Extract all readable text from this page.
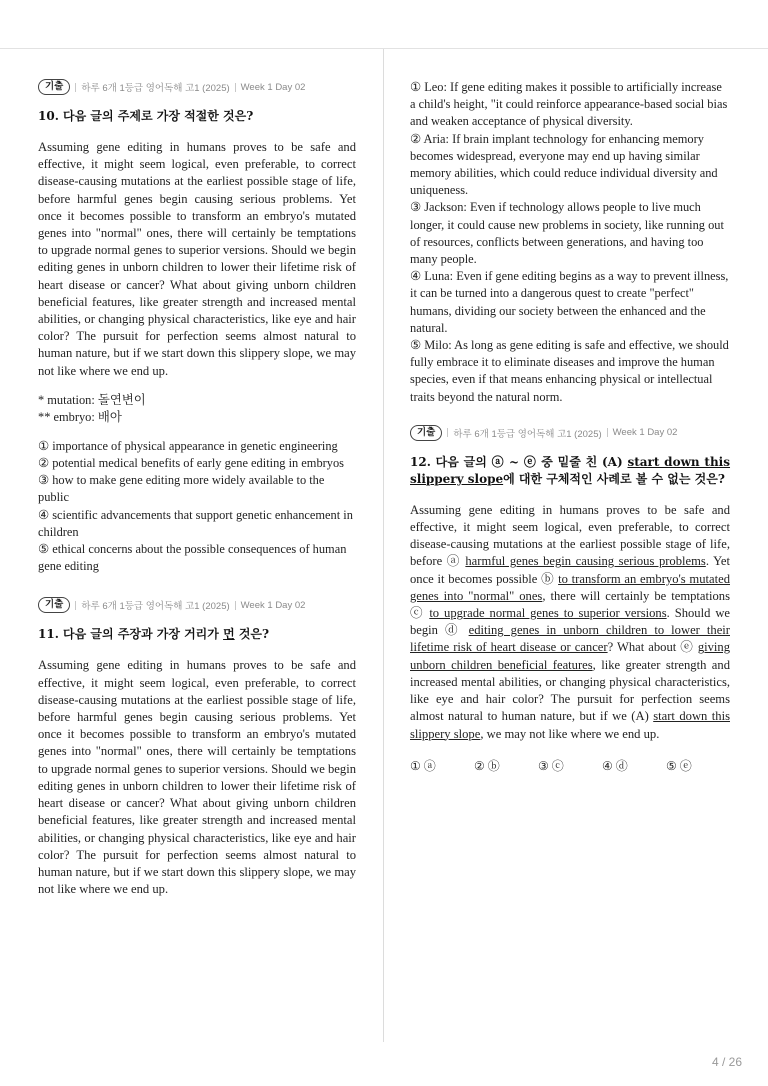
기출	하루 6개 1등급 영어독해 고1 (2025) Week 1 Day 02
10. 다음 글의 주제로 가장 적절한 것은?

Assuming gene editing in humans proves to be safe and effective, it might seem logical, even preferable, to correct disease-causing mutations at the earliest possible stage of life, before harmful genes begin causing serious problems. Yet once it becomes possible to transform an embryo's mutated genes into "normal" ones, there will certainly be temptations to upgrade normal genes to superior versions. Should we begin editing genes in unborn children to lower their lifetime risk of heart disease or cancer? What about giving unborn children beneficial features, like greater strength and increased mental abilities, or changing physical characteristics, like eye and hair color? The pursuit for perfection seems almost natural to human nature, but if we start down this slippery slope, we may not like where we end up.

* mutation: 돌연변이
** embryo: 배아

① importance of physical appearance in genetic engineering

② potential medical benefits of early gene editing in embryos

③ how to make gene editing more widely available to the public

④ scientific advancements that support genetic enhancement in children

⑤ ethical concerns about the possible consequences of human gene editing

기출	하루 6개 1등급 영어독해 고1 (2025) Week 1 Day 02
11. 다음 글의 주장과 가장 거리가 먼 것은?

Assuming gene editing in humans proves to be safe and effective, it might seem logical, even preferable, to correct disease-causing mutations at the earliest possible stage of life, before harmful genes begin causing serious problems. Yet once it becomes possible to transform an embryo's mutated genes into "normal" ones, there will certainly be temptations to upgrade normal genes to superior versions. Should we begin editing genes in unborn children to lower their lifetime risk of heart disease or cancer? What about giving unborn children beneficial features, like greater strength and increased mental abilities, or changing physical characteristics, like eye and hair color? The pursuit for perfection seems almost natural to human nature, but if we start down this slippery slope, we may not like where we end up.

① Leo: If gene editing makes it possible to artificially increase a child's height, "it could reinforce appearance-based social bias and weaken acceptance of physical diversity.

② Aria: If brain implant technology for enhancing memory becomes widespread, everyone may end up having similar memory abilities, which could reduce individual diversity and uniqueness.

③ Jackson: Even if technology allows people to live much longer, it could cause new problems in society, like running out of resources, conflicts between generations, and having too many people.

④ Luna: Even if gene editing begins as a way to prevent illness, it can be turned into a dangerous quest to create "perfect" humans, dividing our society between the enhanced and the natural.

⑤ Milo: As long as gene editing is safe and effective, we should fully embrace it to eliminate diseases and improve the human species, even if that means enhancing physical or intellectual traits beyond the natural norm.

기출	하루 6개 1등급 영어독해 고1 (2025) Week 1 Day 02
12. 다음 글의 ⓐ ~ ⓔ 중 밑줄 친 (A) start down this slippery slope에 대한 구체적인 사례로 볼 수 없는 것은?

Assuming gene editing in humans proves to be safe and effective, it might seem logical, even preferable, to correct disease-causing mutations at the earliest possible stage of life, before ⓐ harmful genes begin causing serious problems. Yet once it becomes possible ⓑ to transform an embryo's mutated genes into "normal" ones, there will certainly be temptations ⓒ to upgrade normal genes to superior versions. Should we begin ⓓ editing genes in unborn children to lower their lifetime risk of heart disease or cancer? What about ⓔ giving unborn children beneficial features, like greater strength and increased mental abilities, or changing physical characteristics, like eye and hair color? The pursuit for perfection seems almost natural to human nature, but if we (A) start down this slippery slope, we may not like where we end up.

① ⓐ	② ⓑ	③ ⓒ	④ ⓓ	⑤ ⓔ
4 / 26
